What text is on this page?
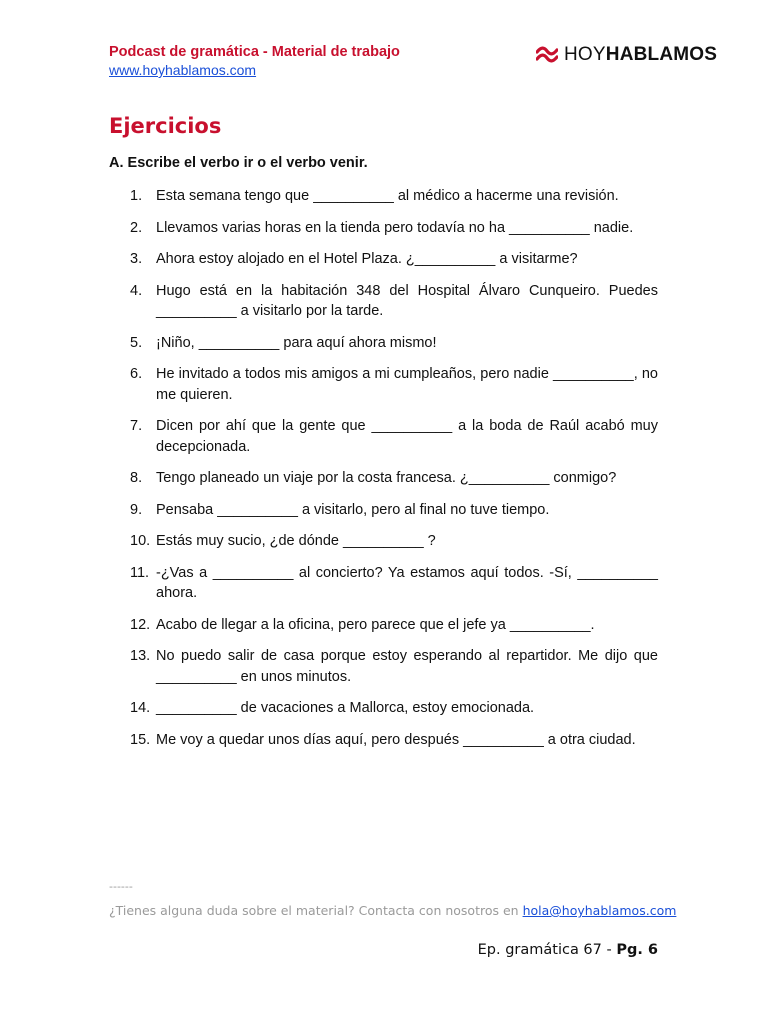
Podcast de gramática - Material de trabajo
www.hoyhablamos.com
HOYHABLAMOS
Ejercicios

A. Escribe el verbo ir o el verbo venir.

1. Esta semana tengo que __________ al médico a hacerme una revisión.
2. Llevamos varias horas en la tienda pero todavía no ha __________ nadie.
3. Ahora estoy alojado en el Hotel Plaza. ¿__________ a visitarme?
4. Hugo está en la habitación 348 del Hospital Álvaro Cunqueiro. Puedes __________ a visitarlo por la tarde.
5. ¡Niño, __________ para aquí ahora mismo!
6. He invitado a todos mis amigos a mi cumpleaños, pero nadie __________, no me quieren.
7. Dicen por ahí que la gente que __________ a la boda de Raúl acabó muy decepcionada.
8. Tengo planeado un viaje por la costa francesa. ¿__________ conmigo?
9. Pensaba __________ a visitarlo, pero al final no tuve tiempo.
10. Estás muy sucio, ¿de dónde __________ ?
11. -¿Vas a __________ al concierto? Ya estamos aquí todos. -Sí, __________ ahora.
12. Acabo de llegar a la oficina, pero parece que el jefe ya __________.
13. No puedo salir de casa porque estoy esperando al repartidor. Me dijo que __________ en unos minutos.
14. __________ de vacaciones a Mallorca, estoy emocionada.
15. Me voy a quedar unos días aquí, pero después __________ a otra ciudad.
------
¿Tienes alguna duda sobre el material? Contacta con nosotros en hola@hoyhablamos.com
Ep. gramática 67 - Pg. 6
